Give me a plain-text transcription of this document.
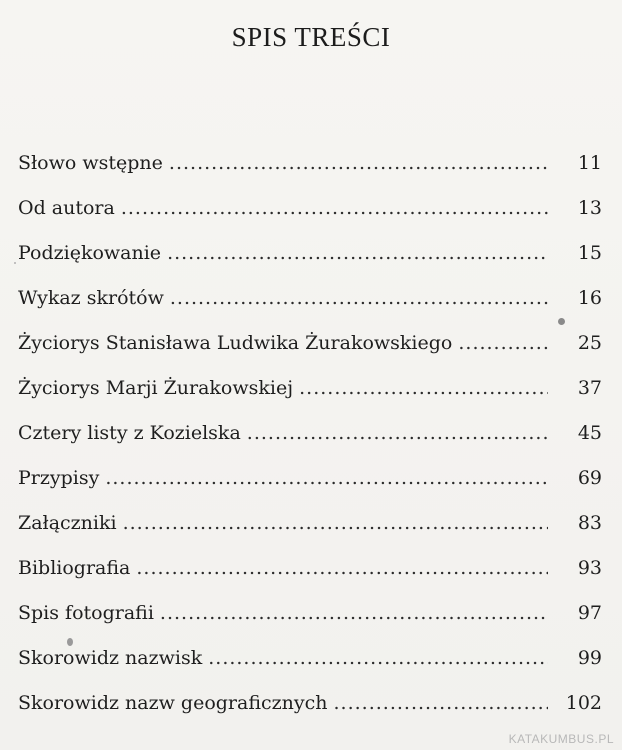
SPIS TREŚCI
Słowo wstępne .....	11
Od autora .....	13
Podziękowanie .....	15
Wykaz skrótów .....	16
Życiorys Stanisława Ludwika Żurakowskiego .....	25
Życiorys Marji Żurakowskiej .....	37
Cztery listy z Kozielska .....	45
Przypisy .....	69
Załączniki .....	83
Bibliografia .....	93
Spis fotografii .....	97
Skorowidz nazwisk .....	99
Skorowidz nazw geograficznych .....	102
KATAKUMBUS.PL
